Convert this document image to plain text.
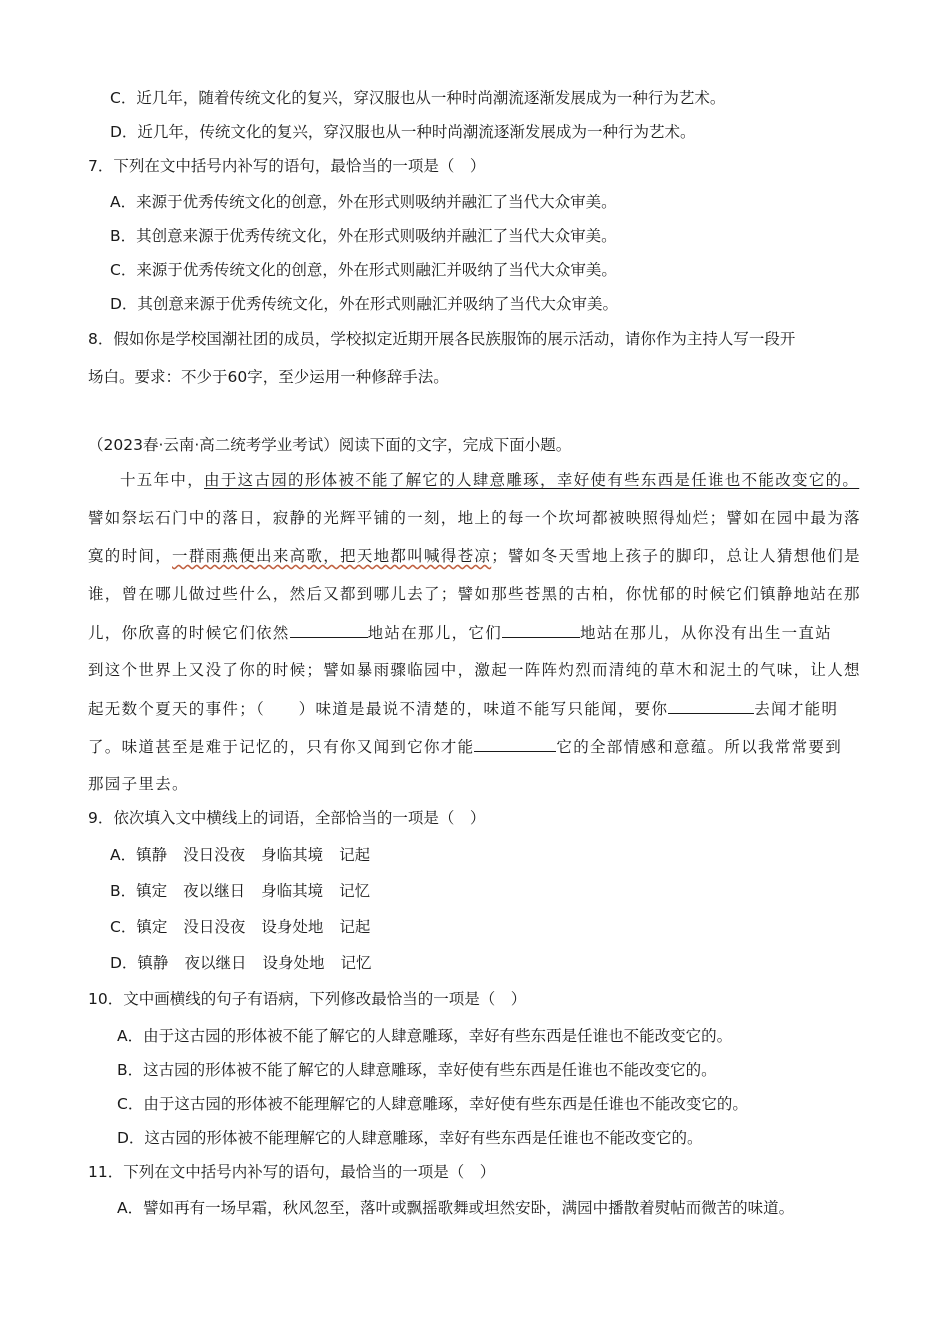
C．近几年，随着传统文化的复兴，穿汉服也从一种时尚潮流逐渐发展成为一种行为艺术。
D．近几年，传统文化的复兴，穿汉服也从一种时尚潮流逐渐发展成为一种行为艺术。
7．下列在文中括号内补写的语句，最恰当的一项是（　）
A．来源于优秀传统文化的创意，外在形式则吸纳并融汇了当代大众审美。
B．其创意来源于优秀传统文化，外在形式则吸纳并融汇了当代大众审美。
C．来源于优秀传统文化的创意，外在形式则融汇并吸纳了当代大众审美。
D．其创意来源于优秀传统文化，外在形式则融汇并吸纳了当代大众审美。
8．假如你是学校国潮社团的成员，学校拟定近期开展各民族服饰的展示活动，请你作为主持人写一段开
场白。要求：不少于60字，至少运用一种修辞手法。
（2023春·云南·高二统考学业考试）阅读下面的文字，完成下面小题。
十五年中，由于这古园的形体被不能了解它的人肆意雕琢，幸好使有些东西是任谁也不能改变它的。
譬如祭坛石门中的落日，寂静的光辉平铺的一刻，地上的每一个坎坷都被映照得灿烂；譬如在园中最为落
寞的时间，一群雨燕便出来高歌，把天地都叫喊得苍凉；譬如冬天雪地上孩子的脚印，总让人猜想他们是
谁，曾在哪儿做过些什么，然后又都到哪儿去了；譬如那些苍黑的古柏，你忧郁的时候它们镇静地站在那
儿，你欣喜的时候它们依然	地站在那儿，它们	地站在那儿，从你没有出生一直站
到这个世界上又没了你的时候；譬如暴雨骤临园中，激起一阵阵灼烈而清纯的草木和泥土的气味，让人想
起无数个夏天的事件；（　　）味道是最说不清楚的，味道不能写只能闻，要你	去闻才能明
了。味道甚至是难于记忆的，只有你又闻到它你才能	它的全部情感和意蕴。所以我常常要到
那园子里去。
9．依次填入文中横线上的词语，全部恰当的一项是（　）
A．镇静 没日没夜 身临其境 记起
B．镇定 夜以继日 身临其境 记忆
C．镇定 没日没夜 设身处地 记起
D．镇静 夜以继日 设身处地 记忆
10．文中画横线的句子有语病，下列修改最恰当的一项是（　）
A．由于这古园的形体被不能了解它的人肆意雕琢，幸好有些东西是任谁也不能改变它的。
B．这古园的形体被不能了解它的人肆意雕琢，幸好使有些东西是任谁也不能改变它的。
C．由于这古园的形体被不能理解它的人肆意雕琢，幸好使有些东西是任谁也不能改变它的。
D．这古园的形体被不能理解它的人肆意雕琢，幸好有些东西是任谁也不能改变它的。
11．下列在文中括号内补写的语句，最恰当的一项是（　）
A．譬如再有一场早霜，秋风忽至，落叶或飘摇歌舞或坦然安卧，满园中播散着熨帖而微苦的味道。
